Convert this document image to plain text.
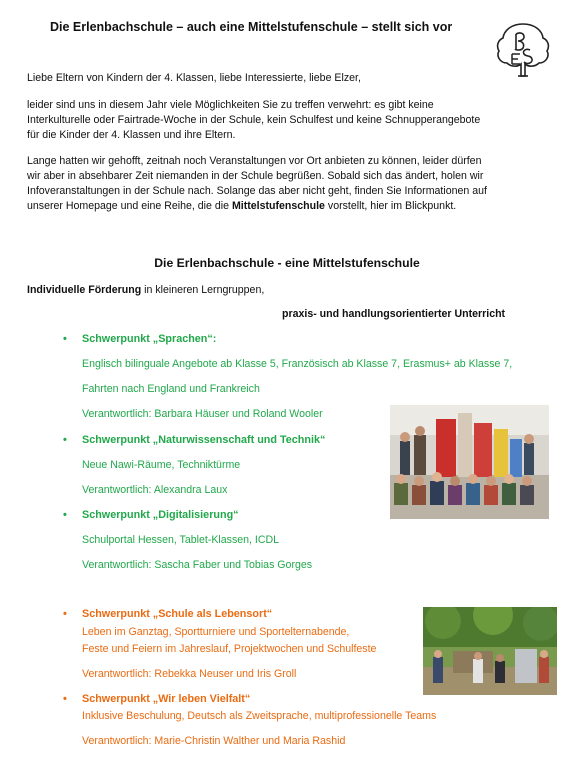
Die Erlenbachschule – auch eine Mittelstufenschule – stellt sich vor
Liebe Eltern von Kindern der 4. Klassen, liebe Interessierte, liebe Elzer,
leider sind uns in diesem Jahr viele Möglichkeiten Sie zu treffen verwehrt: es gibt keine
Interkulturelle oder Fairtrade-Woche in der Schule, kein Schulfest und keine Schnupperangebote
für die Kinder der 4. Klassen und ihre Eltern.
Lange hatten wir gehofft, zeitnah noch Veranstaltungen vor Ort anbieten zu können, leider dürfen
wir aber in absehbarer Zeit niemanden in der Schule begrüßen. Sobald sich das ändert, holen wir
Infoveranstaltungen in der Schule nach. Solange das aber nicht geht, finden Sie Informationen auf
unserer Homepage und eine Reihe, die die Mittelstufenschule vorstellt, hier im Blickpunkt.
Die Erlenbachschule - eine Mittelstufenschule
Individuelle Förderung in kleineren Lerngruppen,
praxis- und handlungsorientierter Unterricht
• Schwerpunkt „Sprachen“:
Englisch bilinguale Angebote ab Klasse 5, Französisch ab Klasse 7, Erasmus+ ab Klasse 7,
Fahrten nach England und Frankreich
Verantwortlich: Barbara Häuser und Roland Wooler
• Schwerpunkt „Naturwissenschaft und Technik“
Neue Nawi-Räume, Techniktürme
Verantwortlich: Alexandra Laux
• Schwerpunkt „Digitalisierung“
Schulportal Hessen, Tablet-Klassen, ICDL
Verantwortlich: Sascha Faber und Tobias Gorges
• Schwerpunkt „Schule als Lebensort“
Leben im Ganztag, Sportturniere und Sportelternabende,
Feste und Feiern im Jahreslauf, Projektwochen und Schulfeste
Verantwortlich: Rebekka Neuser und Iris Groll
• Schwerpunkt „Wir leben Vielfalt“
Inklusive Beschulung, Deutsch als Zweitsprache, multiprofessionelle Teams
Verantwortlich: Marie-Christin Walther und Maria Rashid
